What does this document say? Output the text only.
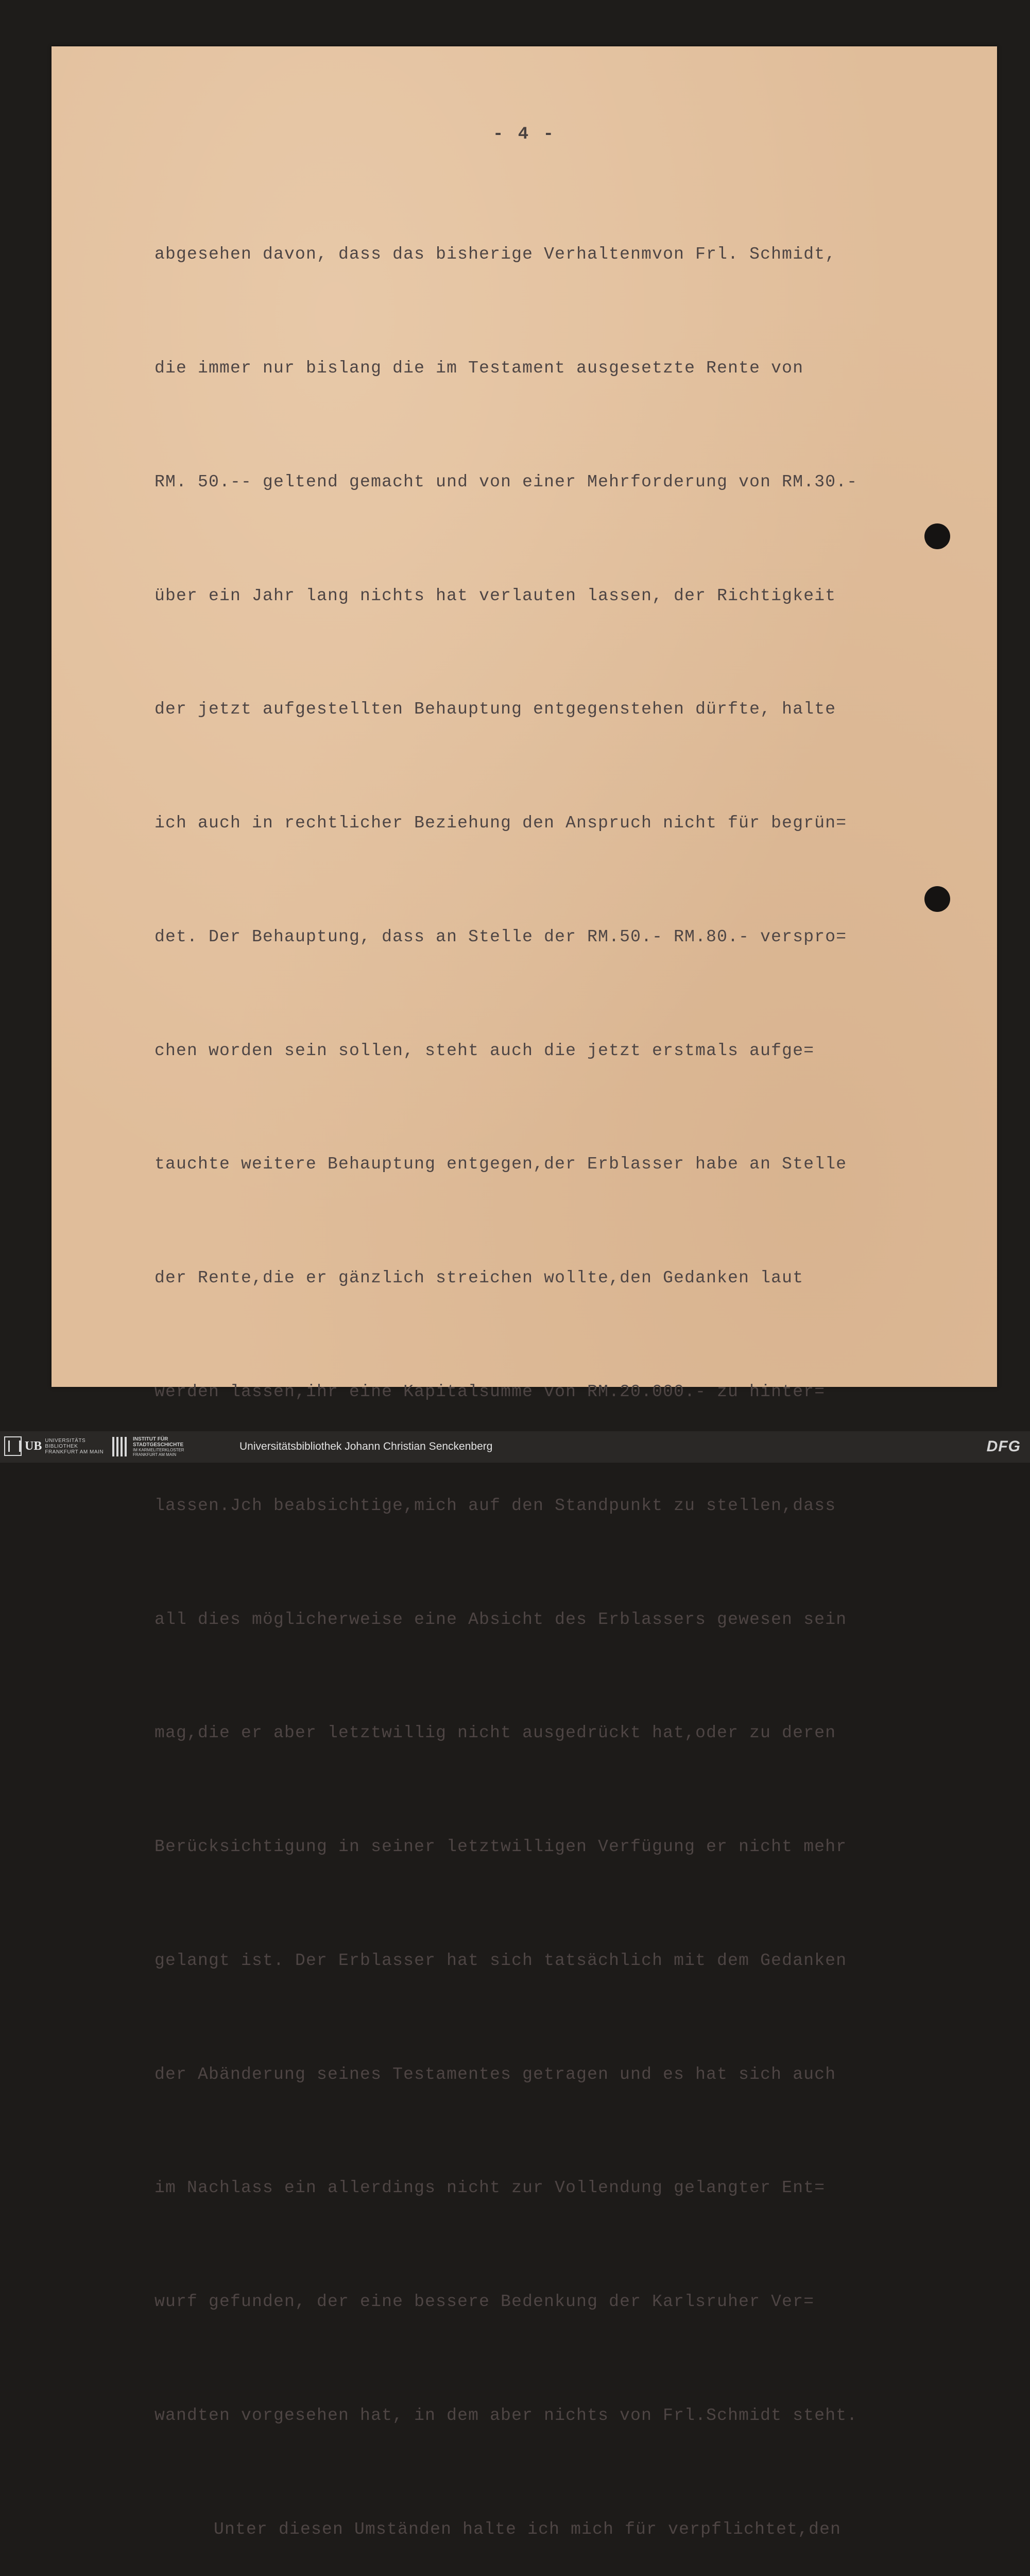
- 4 -

abgesehen davon, dass das bisherige Verhaltenmvon Frl. Schmidt,

die immer nur bislang die im Testament ausgesetzte Rente von

RM. 50.-- geltend gemacht und von einer Mehrforderung von RM.30.-

über ein Jahr lang nichts hat verlauten lassen, der Richtigkeit

der jetzt aufgestellten Behauptung entgegenstehen dürfte, halte

ich auch in rechtlicher Beziehung den Anspruch nicht für begrün=

det. Der Behauptung, dass an Stelle der RM.50.- RM.80.- verspro=

chen worden sein sollen, steht auch die jetzt erstmals aufge=

tauchte weitere Behauptung entgegen,der Erblasser habe an Stelle

der Rente,die er gänzlich streichen wollte,den Gedanken laut

werden lassen,ihr eine Kapitalsumme von RM.20.000.- zu hinter=

lassen.Jch beabsichtige,mich auf den Standpunkt zu stellen,dass

all dies möglicherweise eine Absicht des Erblassers gewesen sein

mag,die er aber letztwillig nicht ausgedrückt hat,oder zu deren

Berücksichtigung in seiner letztwilligen Verfügung er nicht mehr

gelangt ist. Der Erblasser hat sich tatsächlich mit dem Gedanken

der Abänderung seines Testamentes getragen und es hat sich auch

im Nachlass ein allerdings nicht zur Vollendung gelangter Ent=

wurf gefunden, der eine bessere Bedenkung der Karlsruher Ver=

wandten vorgesehen hat, in dem aber nichts von Frl.Schmidt steht.

Unter diesen Umständen halte ich mich für verpflichtet,den

UB UNIVERSITÄTS
BIBLIOTHEK
FRANKFURT AM MAIN
INSTITUT FÜR
STADTGESCHICHTE
IM KARMELITERKLOSTER
FRANKFURT AM MAIN
Universitätsbibliothek Johann Christian Senckenberg	DFG
